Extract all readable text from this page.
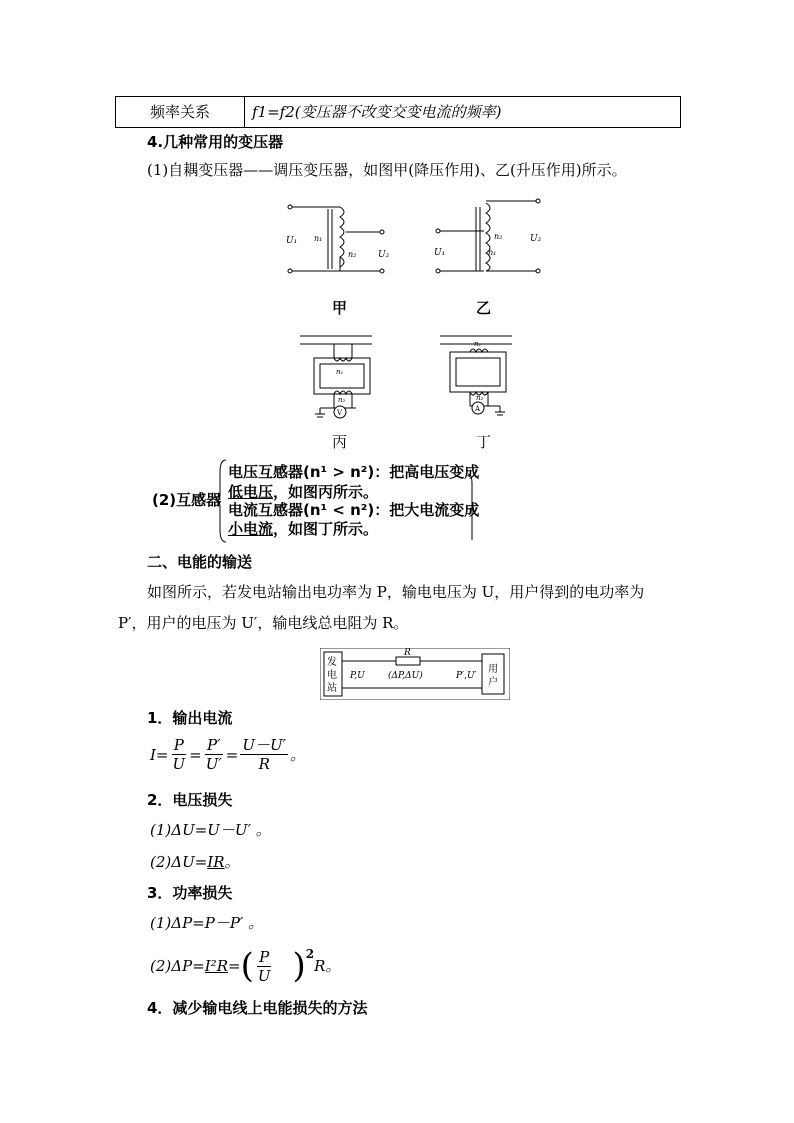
频率关系	f1=f2(变压器不改变交变电流的频率)
4.几种常用的变压器
(1)自耦变压器——调压变压器，如图甲(降压作用)、乙(升压作用)所示。
U₁ n₁
n₂ U₂	U₁
n₂
n₁
U₂
甲	乙
n₁
n₂
V
n₁
n₂
A
丙	丁
(2)互感器
电压互感器(n¹ > n²)：把高电压变成
低电压，如图丙所示。
电流互感器(n¹ < n²)：把大电流变成
小电流，如图丁所示。
二、电能的输送
如图所示，若发电站输出电功率为 P，输电电压为 U，用户得到的电功率为
P′，用户的电压为 U′，输电线总电阻为 R。
发
电
站
用
户
R
P,U	(ΔP,ΔU)	P′,U′
1．输出电流
$I= \frac{P}{U} = \frac{P'}{U'} = \frac{U-U'}{R}$ 。
2．电压损失
(1)ΔU=U－U′ 。
(2)ΔU=IR。
3．功率损失
(1)ΔP=P－P′ 。
(2)ΔP= I²R = ( $\frac{P}{U}$ ) 2
R。
4．减少输电线上电能损失的方法
